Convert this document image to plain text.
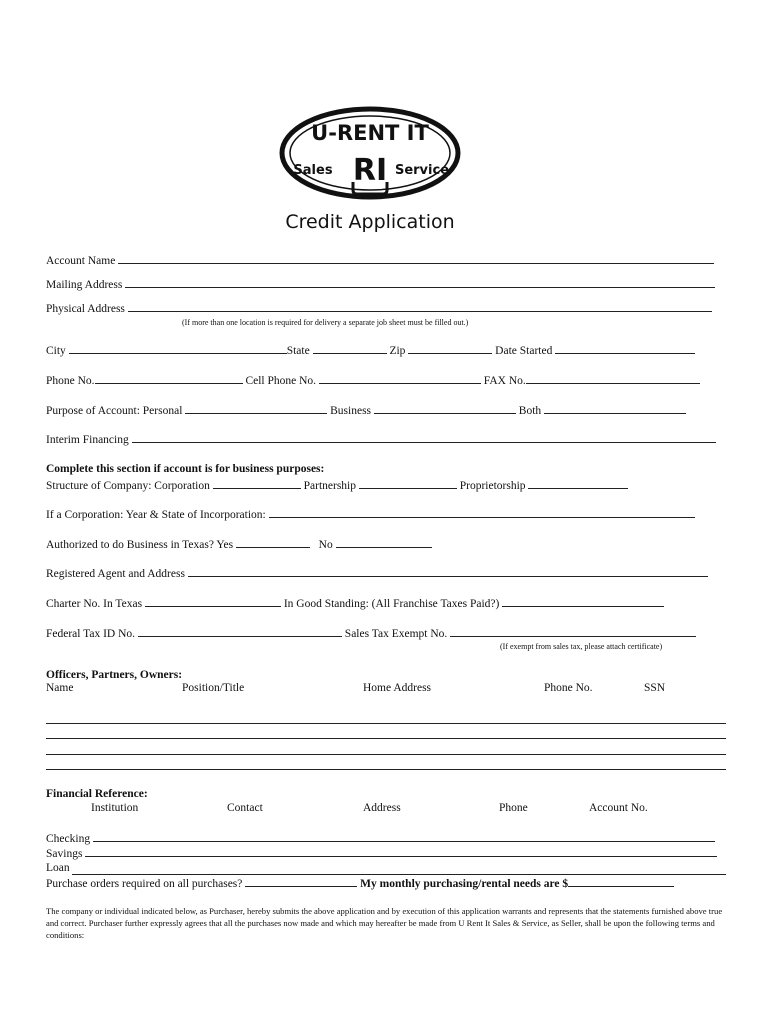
U-RENT IT
Sales	Service
RI
Credit Application
Account Name
Mailing Address
Physical Address
(If more than one location is required for delivery a separate job sheet must be filled out.)
City	State	Zip	Date Started
Phone No.	Cell Phone No.	FAX No.
Purpose of Account: Personal	Business	Both
Interim Financing
Complete this section if account is for business purposes:
Structure of Company: Corporation	Partnership	Proprietorship
If a Corporation: Year & State of Incorporation:
Authorized to do Business in Texas? Yes	No
Registered Agent and Address
Charter No. In Texas	In Good Standing: (All Franchise Taxes Paid?)
Federal Tax ID No.	Sales Tax Exempt No.
(If exempt from sales tax, please attach certificate)
Officers, Partners, Owners:
Name	Position/Title	Home Address	Phone No.	SSN
Financial Reference:
Institution	Contact	Address	Phone	Account No.
Checking
Savings
Loan
Purchase orders required on all purchases?	My monthly purchasing/rental needs are $
The company or individual indicated below, as Purchaser, hereby submits the above application and by execution of this application warrants and represents that the statements furnished above true and correct. Purchaser further expressly agrees that all the purchases now made and which may hereafter be made from U Rent It Sales & Service, as Seller, shall be upon the following terms and conditions:
